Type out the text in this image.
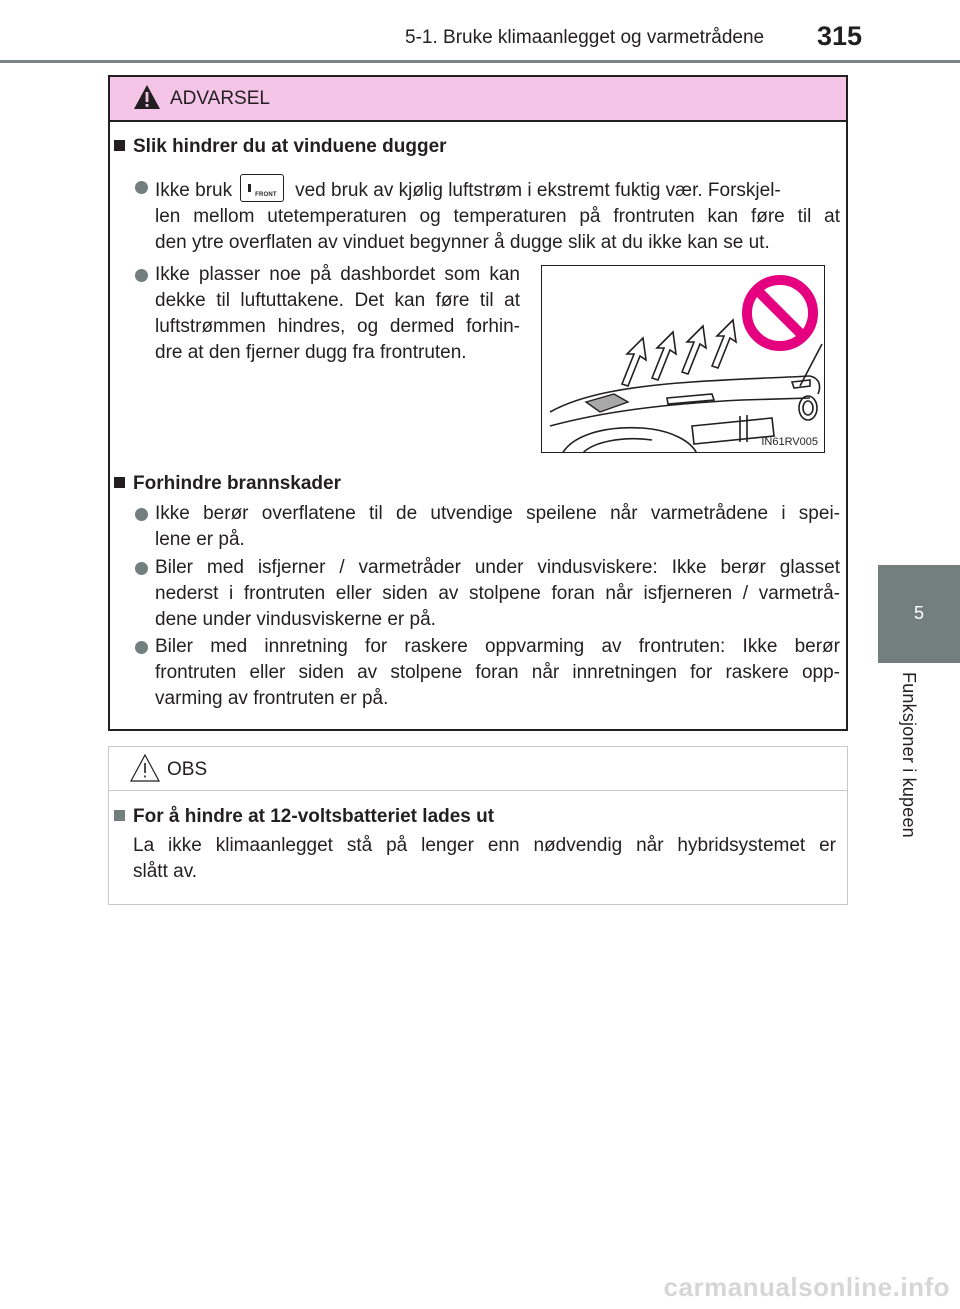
5-1. Bruke klimaanlegget og varmetrådene 315
5
Funksjoner i kupeen
ADVARSEL
Slik hindrer du at vinduene dugger
Ikke bruk	FRONT ved bruk av kjølig luftstrøm i ekstremt fuktig vær. Forskjel-
len mellom utetemperaturen og temperaturen på frontruten kan føre til at
den ytre overflaten av vinduet begynner å dugge slik at du ikke kan se ut.
Ikke plasser noe på dashbordet som kan
dekke til luftuttakene. Det kan føre til at
luftstrømmen hindres, og dermed forhin-
dre at den fjerner dugg fra frontruten.
IN61RV005
Forhindre brannskader
Ikke berør overflatene til de utvendige speilene når varmetrådene i spei-
lene er på.
Biler med isfjerner / varmetråder under vindusviskere: Ikke berør glasset
nederst i frontruten eller siden av stolpene foran når isfjerneren / varmetrå-
dene under vindusviskerne er på.
Biler med innretning for raskere oppvarming av frontruten: Ikke berør
frontruten eller siden av stolpene foran når innretningen for raskere opp-
varming av frontruten er på.
OBS
For å hindre at 12-voltsbatteriet lades ut
La ikke klimaanlegget stå på lenger enn nødvendig når hybridsystemet er
slått av.
carmanualsonline.info
